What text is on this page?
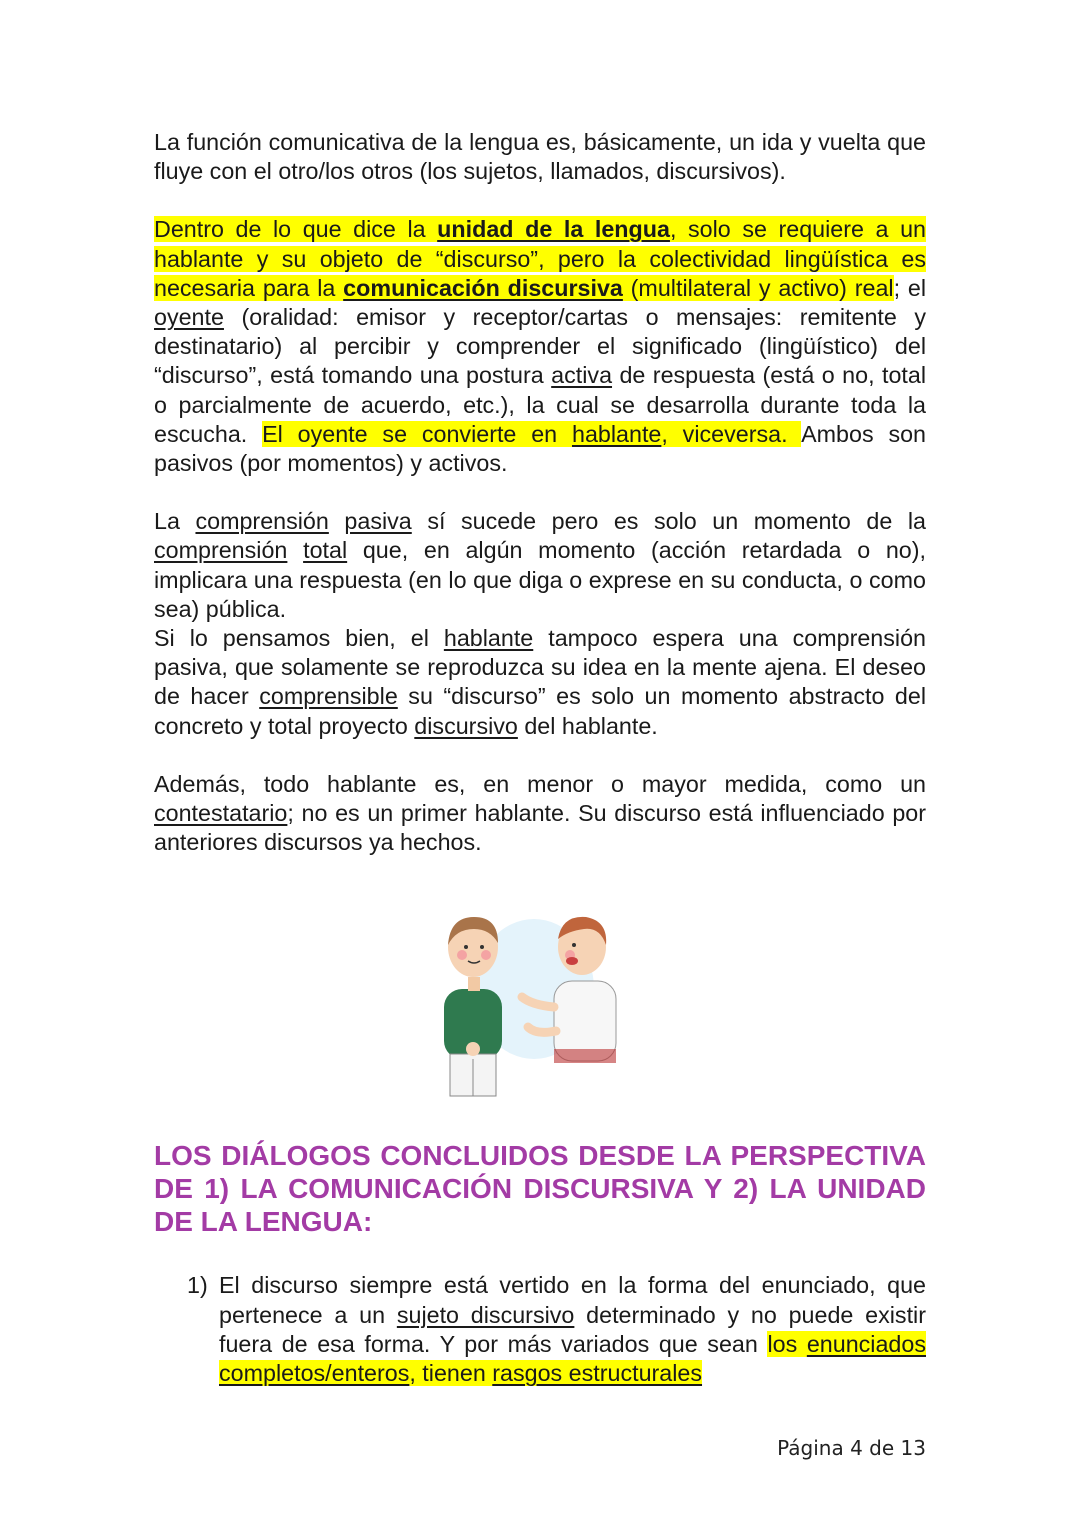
La función comunicativa de la lengua es, básicamente, un ida y vuelta que fluye con el otro/los otros (los sujetos, llamados, discursivos).

Dentro de lo que dice la unidad de la lengua, solo se requiere a un hablante y su objeto de “discurso”, pero la colectividad lingüística es necesaria para la comunicación discursiva (multilateral y activo) real; el oyente (oralidad: emisor y receptor/cartas o mensajes: remitente y destinatario) al percibir y comprender el significado (lingüístico) del “discurso”, está tomando una postura activa de respuesta (está o no, total o parcialmente de acuerdo, etc.), la cual se desarrolla durante toda la escucha. El oyente se convierte en hablante, viceversa. Ambos son pasivos (por momentos) y activos.

La comprensión pasiva sí sucede pero es solo un momento de la comprensión total que, en algún momento (acción retardada o no), implicara una respuesta (en lo que diga o exprese en su conducta, o como sea) pública.

Si lo pensamos bien, el hablante tampoco espera una comprensión pasiva, que solamente se reproduzca su idea en la mente ajena. El deseo de hacer comprensible su “discurso” es solo un momento abstracto del concreto y total proyecto discursivo del hablante.

Además, todo hablante es, en menor o mayor medida, como un contestatario; no es un primer hablante. Su discurso está influenciado por anteriores discursos ya hechos.

LOS DIÁLOGOS CONCLUIDOS DESDE LA PERSPECTIVA DE 1) LA COMUNICACIÓN DISCURSIVA Y 2) LA UNIDAD DE LA LENGUA:
1) El discurso siempre está vertido en la forma del enunciado, que pertenece a un sujeto discursivo determinado y no puede existir fuera de esa forma. Y por más variados que sean los enunciados completos/enteros, tienen rasgos estructurales
Página 4 de 13
